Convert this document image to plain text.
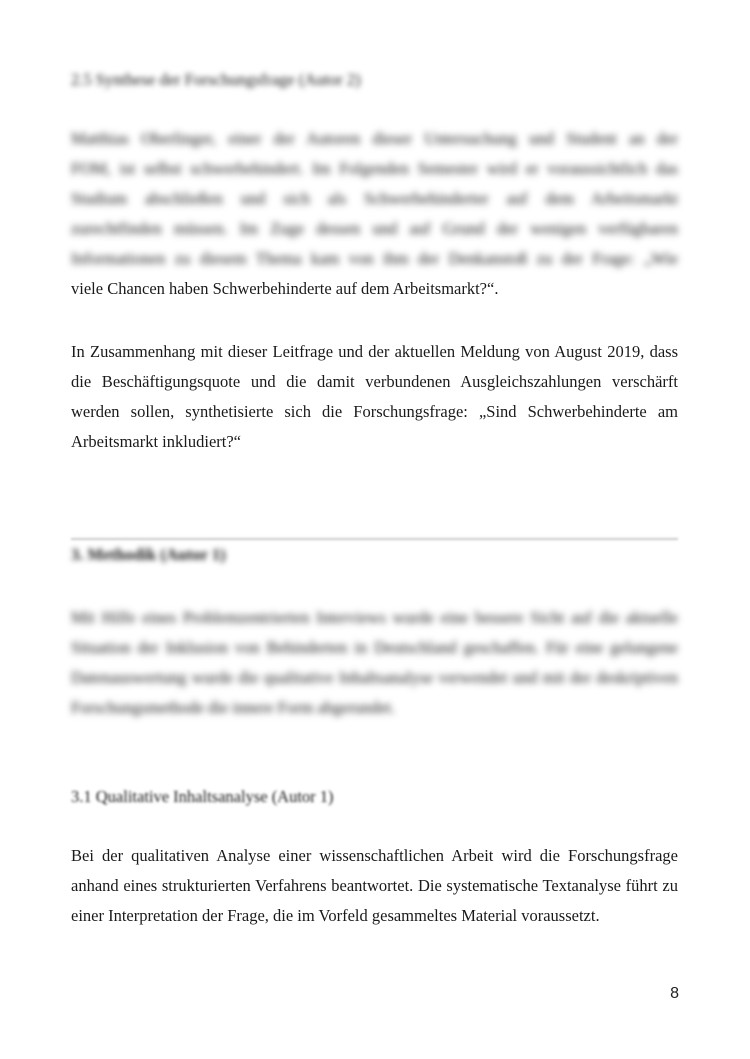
2.5 Synthese der Forschungsfrage (Autor 2)
Matthias Oberlinger, einer der Autoren dieser Untersuchung und Student an der
FOM, ist selbst schwerbehindert. Im Folgenden Semester wird er voraussichtlich das
Studium abschließen und sich als Schwerbehinderter auf dem Arbeitsmarkt
zurechtfinden müssen. Im Zuge dessen und auf Grund der wenigen verfügbaren
Informationen zu diesem Thema kam von ihm der Denkanstoß zu der Frage: „Wie
viele Chancen haben Schwerbehinderte auf dem Arbeitsmarkt?“.
In Zusammenhang mit dieser Leitfrage und der aktuellen Meldung von August 2019, dass die Beschäftigungsquote und die damit verbundenen Ausgleichszahlungen verschärft werden sollen, synthetisierte sich die Forschungsfrage: „Sind Schwerbehinderte am Arbeitsmarkt inkludiert?“
3. Methodik (Autor 1)
Mit Hilfe eines Problemzentrierten Interviews wurde eine bessere Sicht auf die aktuelle Situation der Inklusion von Behinderten in Deutschland geschaffen. Für eine gelungene Datenauswertung wurde die qualitative Inhaltsanalyse verwendet und mit der deskriptiven Forschungsmethode die innere Form abgerundet.
3.1 Qualitative Inhaltsanalyse (Autor 1)
Bei der qualitativen Analyse einer wissenschaftlichen Arbeit wird die Forschungsfrage anhand eines strukturierten Verfahrens beantwortet. Die systematische Textanalyse führt zu einer Interpretation der Frage, die im Vorfeld gesammeltes Material voraussetzt.
8
